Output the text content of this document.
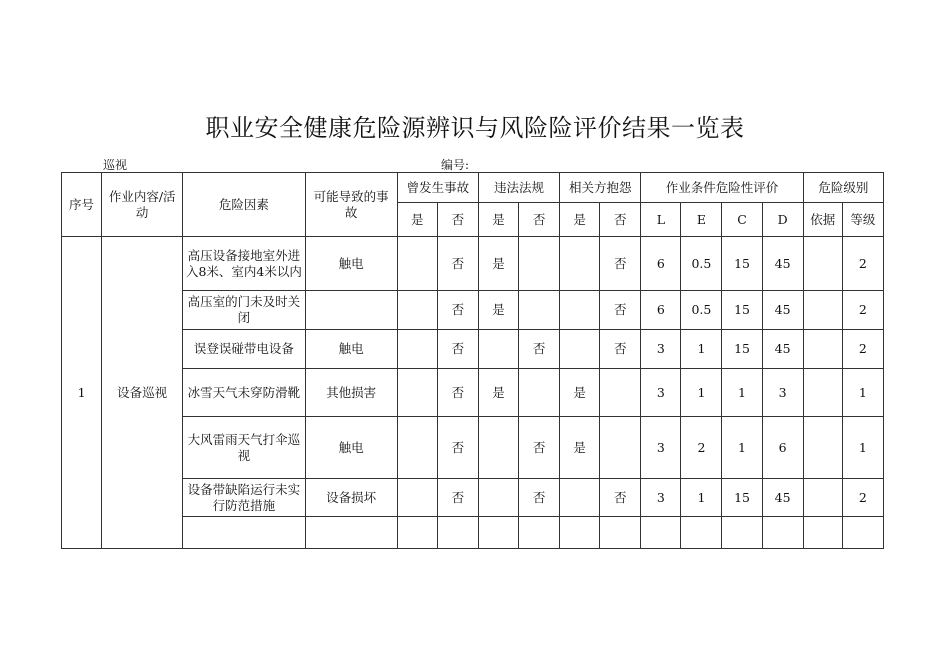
职业安全健康危险源辨识与风险险评价结果一览表
巡视	编号:
序号	作业内容/活动	危险因素	可能导致的事故	曾发生事故		违法法规		相关方抱怨		作业条件危险性评价				危险级别	
				是	否	是	否	是	否	L	E	C	D	依据	等级
1	设备巡视	高压设备接地室外进入8米、室内4米以内	触电		否	是			否	6	0.5	15	45		2
		高压室的门未及时关闭			否	是			否	6	0.5	15	45		2
		误登误碰带电设备	触电		否		否		否	3	1	15	45		2
		冰雪天气未穿防滑靴	其他损害		否	是		是		3	1	1	3		1
		大风雷雨天气打伞巡视	触电		否		否	是		3	2	1	6		1
		设备带缺陷运行未实行防范措施	设备损坏		否		否		否	3	1	15	45		2
